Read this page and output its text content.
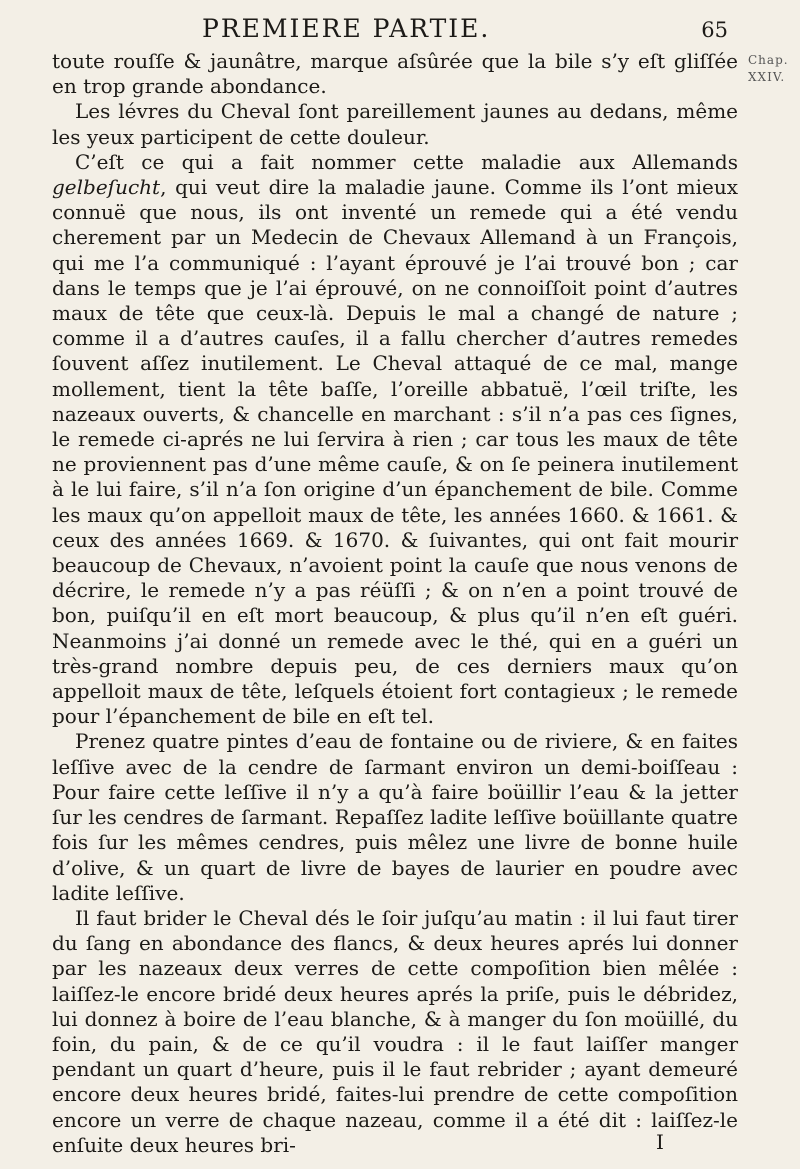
PREMIERE PARTIE.	65
Chap.
XXIV.

toute rouſſe & jaunâtre, marque aſsûrée que la bile s’y eſt gliſſée en trop grande abondance.

Les lévres du Cheval ſont pareillement jaunes au dedans, même les yeux participent de cette douleur.

C’eſt ce qui a fait nommer cette maladie aux Allemands gelbeſucht, qui veut dire la maladie jaune. Comme ils l’ont mieux connuë que nous, ils ont inventé un remede qui a été vendu cherement par un Medecin de Chevaux Allemand à un François, qui me l’a communiqué : l’ayant éprouvé je l’ai trouvé bon ; car dans le temps que je l’ai éprouvé, on ne connoiſſoit point d’autres maux de tête que ceux-là. Depuis le mal a changé de nature ; comme il a d’autres cauſes, il a fallu chercher d’autres remedes ſouvent aſſez inutilement. Le Cheval attaqué de ce mal, mange mollement, tient la tête baſſe, l’oreille abbatuë, l’œil triſte, les nazeaux ouverts, & chancelle en marchant : s’il n’a pas ces ſignes, le remede ci-aprés ne lui ſervira à rien ; car tous les maux de tête ne proviennent pas d’une même cauſe, & on ſe peinera inutilement à le lui faire, s’il n’a ſon origine d’un épanchement de bile. Comme les maux qu’on appelloit maux de tête, les années 1660. & 1661. & ceux des années 1669. & 1670. & ſuivantes, qui ont fait mourir beaucoup de Chevaux, n’avoient point la cauſe que nous venons de décrire, le remede n’y a pas réüſſi ; & on n’en a point trouvé de bon, puiſqu’il en eſt mort beaucoup, & plus qu’il n’en eſt guéri. Neanmoins j’ai donné un remede avec le thé, qui en a guéri un très-grand nombre depuis peu, de ces derniers maux qu’on appelloit maux de tête, leſquels étoient fort contagieux ; le remede pour l’épanchement de bile en eſt tel.

Prenez quatre pintes d’eau de fontaine ou de riviere, & en faites leſſive avec de la cendre de ſarmant environ un demi-boiſſeau : Pour faire cette leſſive il n’y a qu’à faire boüillir l’eau & la jetter ſur les cendres de ſarmant. Repaſſez ladite leſſive boüillante quatre fois ſur les mêmes cendres, puis mêlez une livre de bonne huile d’olive, & un quart de livre de bayes de laurier en poudre avec ladite leſſive.

Il faut brider le Cheval dés le ſoir juſqu’au matin : il lui faut tirer du ſang en abondance des flancs, & deux heures aprés lui donner par les nazeaux deux verres de cette compoſition bien mêlée : laiſſez-le encore bridé deux heures aprés la priſe, puis le débridez, lui donnez à boire de l’eau blanche, & à manger du ſon moüillé, du foin, du pain, & de ce qu’il voudra : il le faut laiſſer manger pendant un quart d’heure, puis il le faut rebrider ; ayant demeuré encore deux heures bridé, faites-lui prendre de cette compoſition encore un verre de chaque nazeau, comme il a été dit : laiſſez-le enſuite deux heures bri-	I
